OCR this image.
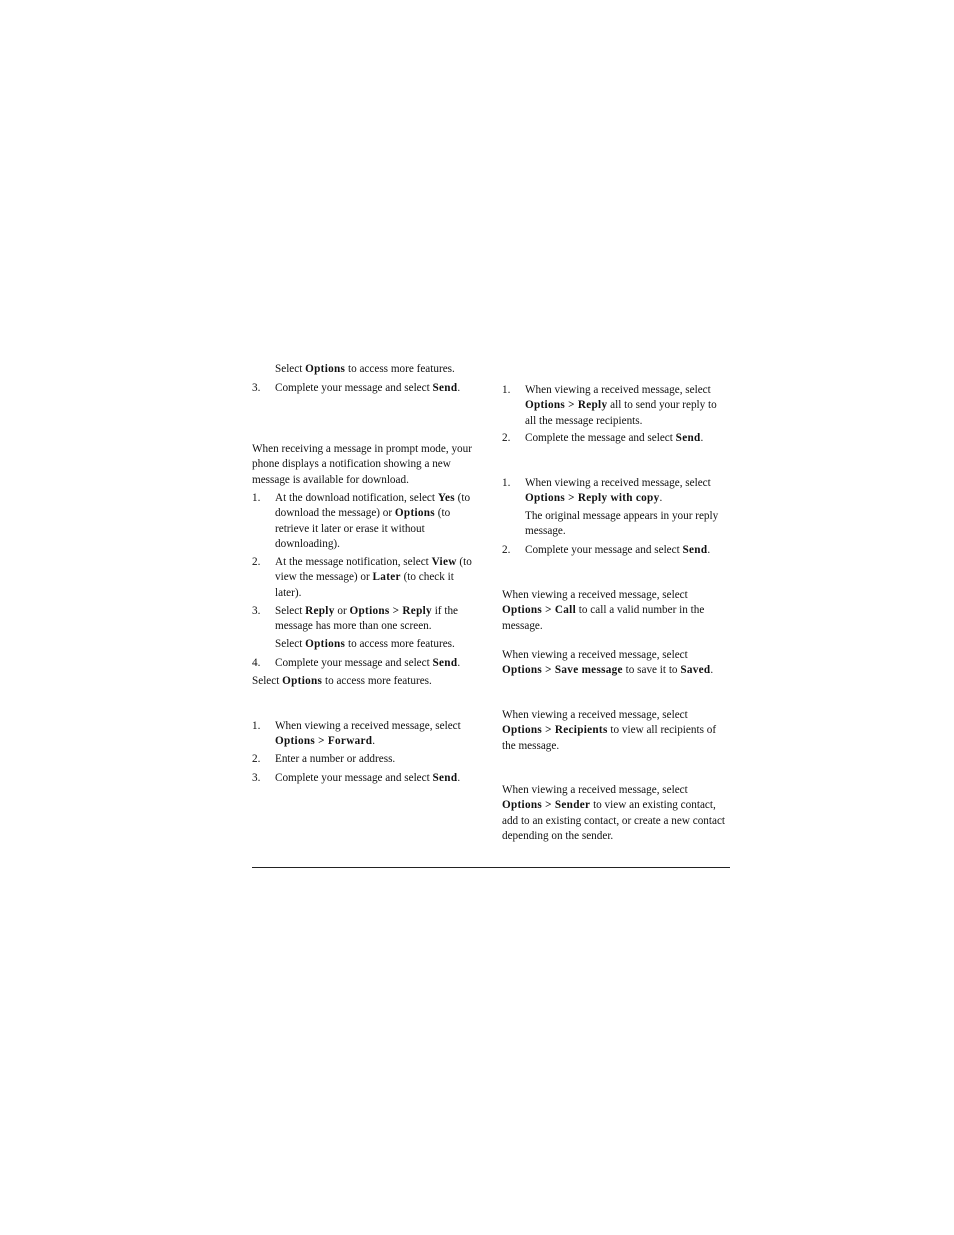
Select Options to access more features.
3.	Complete your message and select Send.
When receiving a message in prompt mode, your phone displays a notification showing a new message is available for download.
1.	At the download notification, select Yes (to download the message) or Options (to retrieve it later or erase it without downloading).
2.	At the message notification, select View (to view the message) or Later (to check it later).
3.	Select Reply or Options > Reply if the message has more than one screen.
Select Options to access more features.
4.	Complete your message and select Send.
Select Options to access more features.
1.	When viewing a received message, select Options > Forward.
2.	Enter a number or address.
3.	Complete your message and select Send.
1.	When viewing a received message, select Options > Reply all to send your reply to all the message recipients.
2.	Complete the message and select Send.
1.	When viewing a received message, select Options > Reply with copy.
The original message appears in your reply message.
2.	Complete your message and select Send.
When viewing a received message, select Options > Call to call a valid number in the message.
When viewing a received message, select Options > Save message to save it to Saved.
When viewing a received message, select Options > Recipients to view all recipients of the message.
When viewing a received message, select Options > Sender to view an existing contact, add to an existing contact, or create a new contact depending on the sender.
